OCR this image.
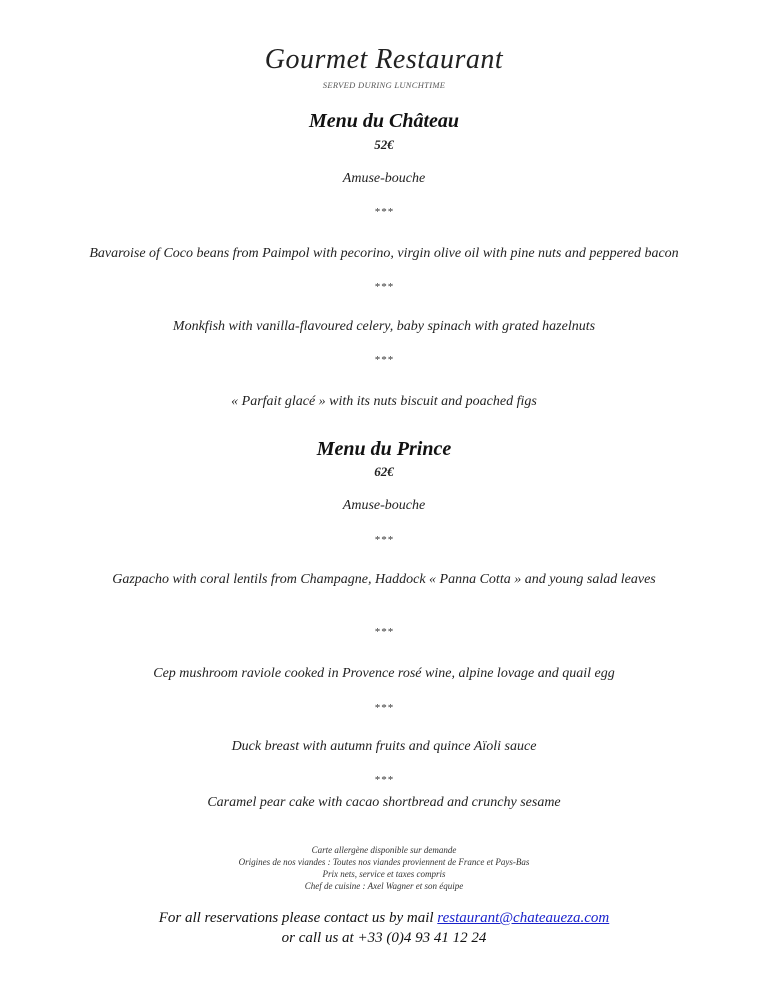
Gourmet Restaurant
SERVED DURING LUNCHTIME
Menu du Château
52€
Amuse-bouche
***
Bavaroise of Coco beans from Paimpol with pecorino, virgin olive oil with pine nuts and peppered bacon
***
Monkfish with vanilla-flavoured celery, baby spinach with grated hazelnuts
***
« Parfait glacé » with its nuts biscuit and poached figs
Menu du Prince
62€
Amuse-bouche
***
Gazpacho with coral lentils from Champagne, Haddock « Panna Cotta » and young salad leaves
***
Cep mushroom raviole cooked in Provence rosé wine, alpine lovage and quail egg
***
Duck breast with autumn fruits and quince Aïoli sauce
***
Caramel pear cake with cacao shortbread and crunchy sesame
Carte allergène disponible sur demande
Origines de nos viandes : Toutes nos viandes proviennent de France et Pays-Bas
Prix nets, service et taxes compris
Chef de cuisine : Axel Wagner et son équipe
For all reservations please contact us by mail restaurant@chateaueza.com
or call us at +33 (0)4 93 41 12 24
